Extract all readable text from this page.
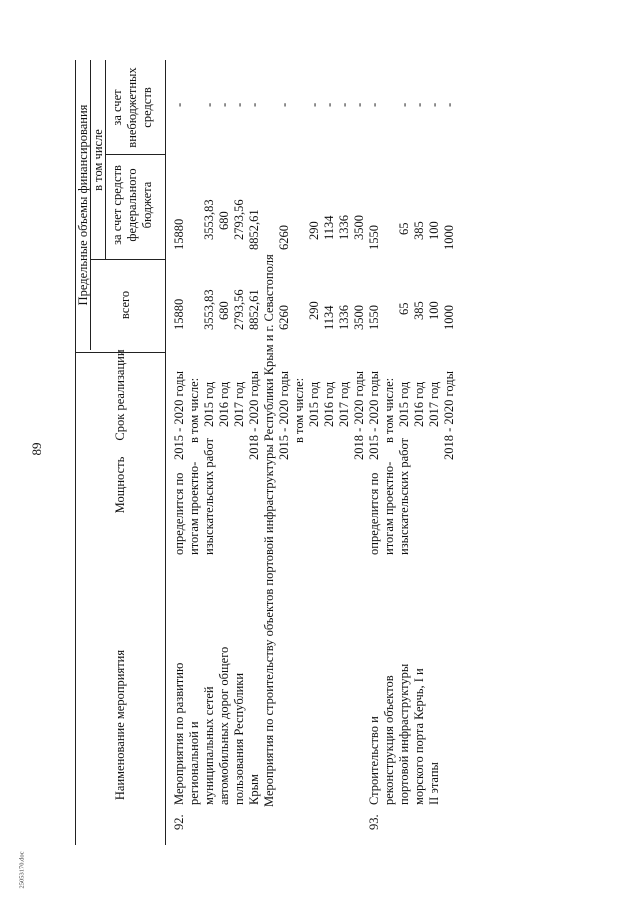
89
25053170.doc
Наименование мероприятия
Мощность
Срок реализации
Предельные объемы финансирования всего
в том числе
за счет средств федерального бюджета
за счет внебюджетных средств
92.
Мероприятия по развитию региональной и муниципальных сетей автомобильных дорог общего пользования Республики Крым
определится по итогам проектно- изыскательских работ
2015 - 2020 годы в том числе: 2015 год 2016 год 2017 год 2018 - 2020 годы
15880 3553,83 680 2793,56 8852,61
15880 3553,83 680 2793,56 8852,61
- - - - -
Мероприятия по строительству объектов портовой инфраструктуры Республики Крым и г. Севастополя 2015 - 2020 годы в том числе: 2015 год 2016 год 2017 год 2018 - 2020 годы
6260 290 1134 1336 3500
6260 290 1134 1336 3500
- - - - -
93.
Строительство и реконструкция объектов портовой инфраструктуры морского порта Керчь, I и II этапы
определится по итогам проектно- изыскательских работ
2015 - 2020 годы в том числе: 2015 год 2016 год 2017 год 2018 - 2020 годы
1550 65 385 100 1000
1550 65 385 100 1000
- - - - -
